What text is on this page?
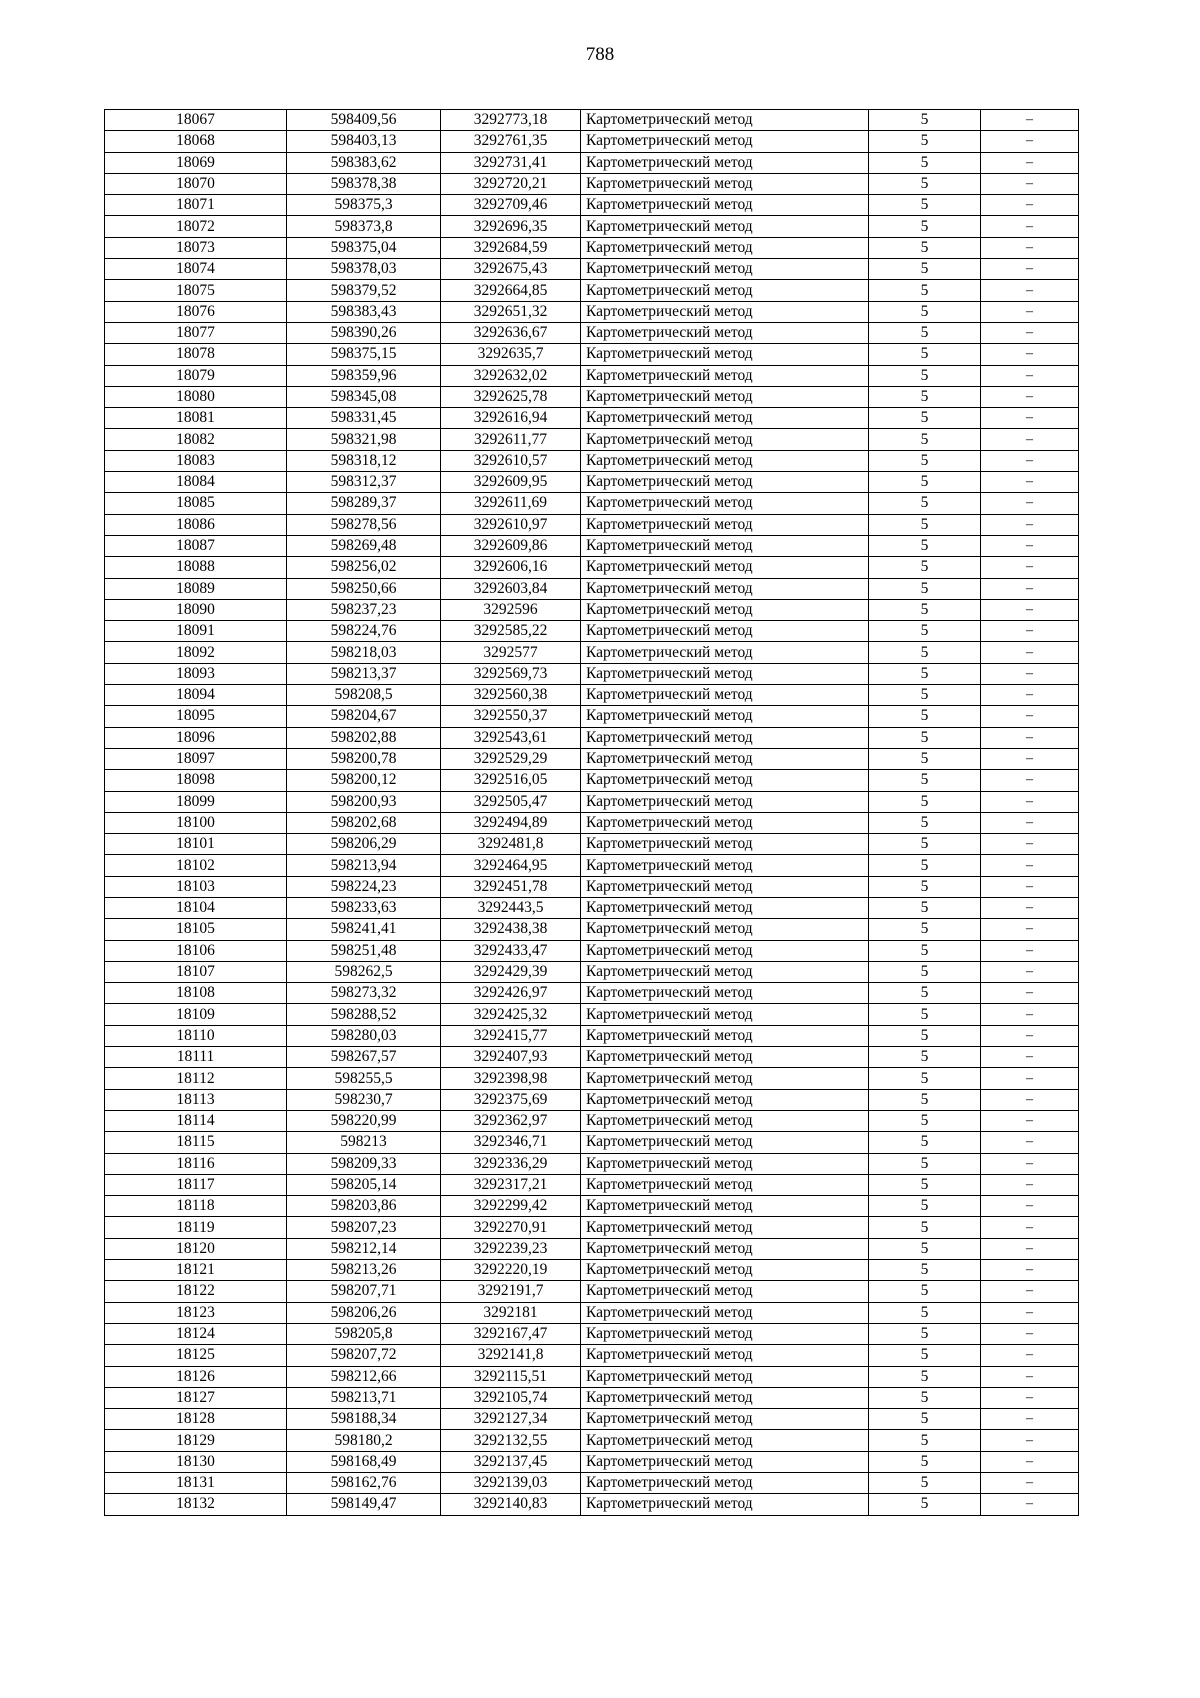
788
18067	598409,56	3292773,18	Картометрический метод	5	–
18068	598403,13	3292761,35	Картометрический метод	5	–
18069	598383,62	3292731,41	Картометрический метод	5	–
18070	598378,38	3292720,21	Картометрический метод	5	–
18071	598375,3	3292709,46	Картометрический метод	5	–
18072	598373,8	3292696,35	Картометрический метод	5	–
18073	598375,04	3292684,59	Картометрический метод	5	–
18074	598378,03	3292675,43	Картометрический метод	5	–
18075	598379,52	3292664,85	Картометрический метод	5	–
18076	598383,43	3292651,32	Картометрический метод	5	–
18077	598390,26	3292636,67	Картометрический метод	5	–
18078	598375,15	3292635,7	Картометрический метод	5	–
18079	598359,96	3292632,02	Картометрический метод	5	–
18080	598345,08	3292625,78	Картометрический метод	5	–
18081	598331,45	3292616,94	Картометрический метод	5	–
18082	598321,98	3292611,77	Картометрический метод	5	–
18083	598318,12	3292610,57	Картометрический метод	5	–
18084	598312,37	3292609,95	Картометрический метод	5	–
18085	598289,37	3292611,69	Картометрический метод	5	–
18086	598278,56	3292610,97	Картометрический метод	5	–
18087	598269,48	3292609,86	Картометрический метод	5	–
18088	598256,02	3292606,16	Картометрический метод	5	–
18089	598250,66	3292603,84	Картометрический метод	5	–
18090	598237,23	3292596	Картометрический метод	5	–
18091	598224,76	3292585,22	Картометрический метод	5	–
18092	598218,03	3292577	Картометрический метод	5	–
18093	598213,37	3292569,73	Картометрический метод	5	–
18094	598208,5	3292560,38	Картометрический метод	5	–
18095	598204,67	3292550,37	Картометрический метод	5	–
18096	598202,88	3292543,61	Картометрический метод	5	–
18097	598200,78	3292529,29	Картометрический метод	5	–
18098	598200,12	3292516,05	Картометрический метод	5	–
18099	598200,93	3292505,47	Картометрический метод	5	–
18100	598202,68	3292494,89	Картометрический метод	5	–
18101	598206,29	3292481,8	Картометрический метод	5	–
18102	598213,94	3292464,95	Картометрический метод	5	–
18103	598224,23	3292451,78	Картометрический метод	5	–
18104	598233,63	3292443,5	Картометрический метод	5	–
18105	598241,41	3292438,38	Картометрический метод	5	–
18106	598251,48	3292433,47	Картометрический метод	5	–
18107	598262,5	3292429,39	Картометрический метод	5	–
18108	598273,32	3292426,97	Картометрический метод	5	–
18109	598288,52	3292425,32	Картометрический метод	5	–
18110	598280,03	3292415,77	Картометрический метод	5	–
18111	598267,57	3292407,93	Картометрический метод	5	–
18112	598255,5	3292398,98	Картометрический метод	5	–
18113	598230,7	3292375,69	Картометрический метод	5	–
18114	598220,99	3292362,97	Картометрический метод	5	–
18115	598213	3292346,71	Картометрический метод	5	–
18116	598209,33	3292336,29	Картометрический метод	5	–
18117	598205,14	3292317,21	Картометрический метод	5	–
18118	598203,86	3292299,42	Картометрический метод	5	–
18119	598207,23	3292270,91	Картометрический метод	5	–
18120	598212,14	3292239,23	Картометрический метод	5	–
18121	598213,26	3292220,19	Картометрический метод	5	–
18122	598207,71	3292191,7	Картометрический метод	5	–
18123	598206,26	3292181	Картометрический метод	5	–
18124	598205,8	3292167,47	Картометрический метод	5	–
18125	598207,72	3292141,8	Картометрический метод	5	–
18126	598212,66	3292115,51	Картометрический метод	5	–
18127	598213,71	3292105,74	Картометрический метод	5	–
18128	598188,34	3292127,34	Картометрический метод	5	–
18129	598180,2	3292132,55	Картометрический метод	5	–
18130	598168,49	3292137,45	Картометрический метод	5	–
18131	598162,76	3292139,03	Картометрический метод	5	–
18132	598149,47	3292140,83	Картометрический метод	5	–
